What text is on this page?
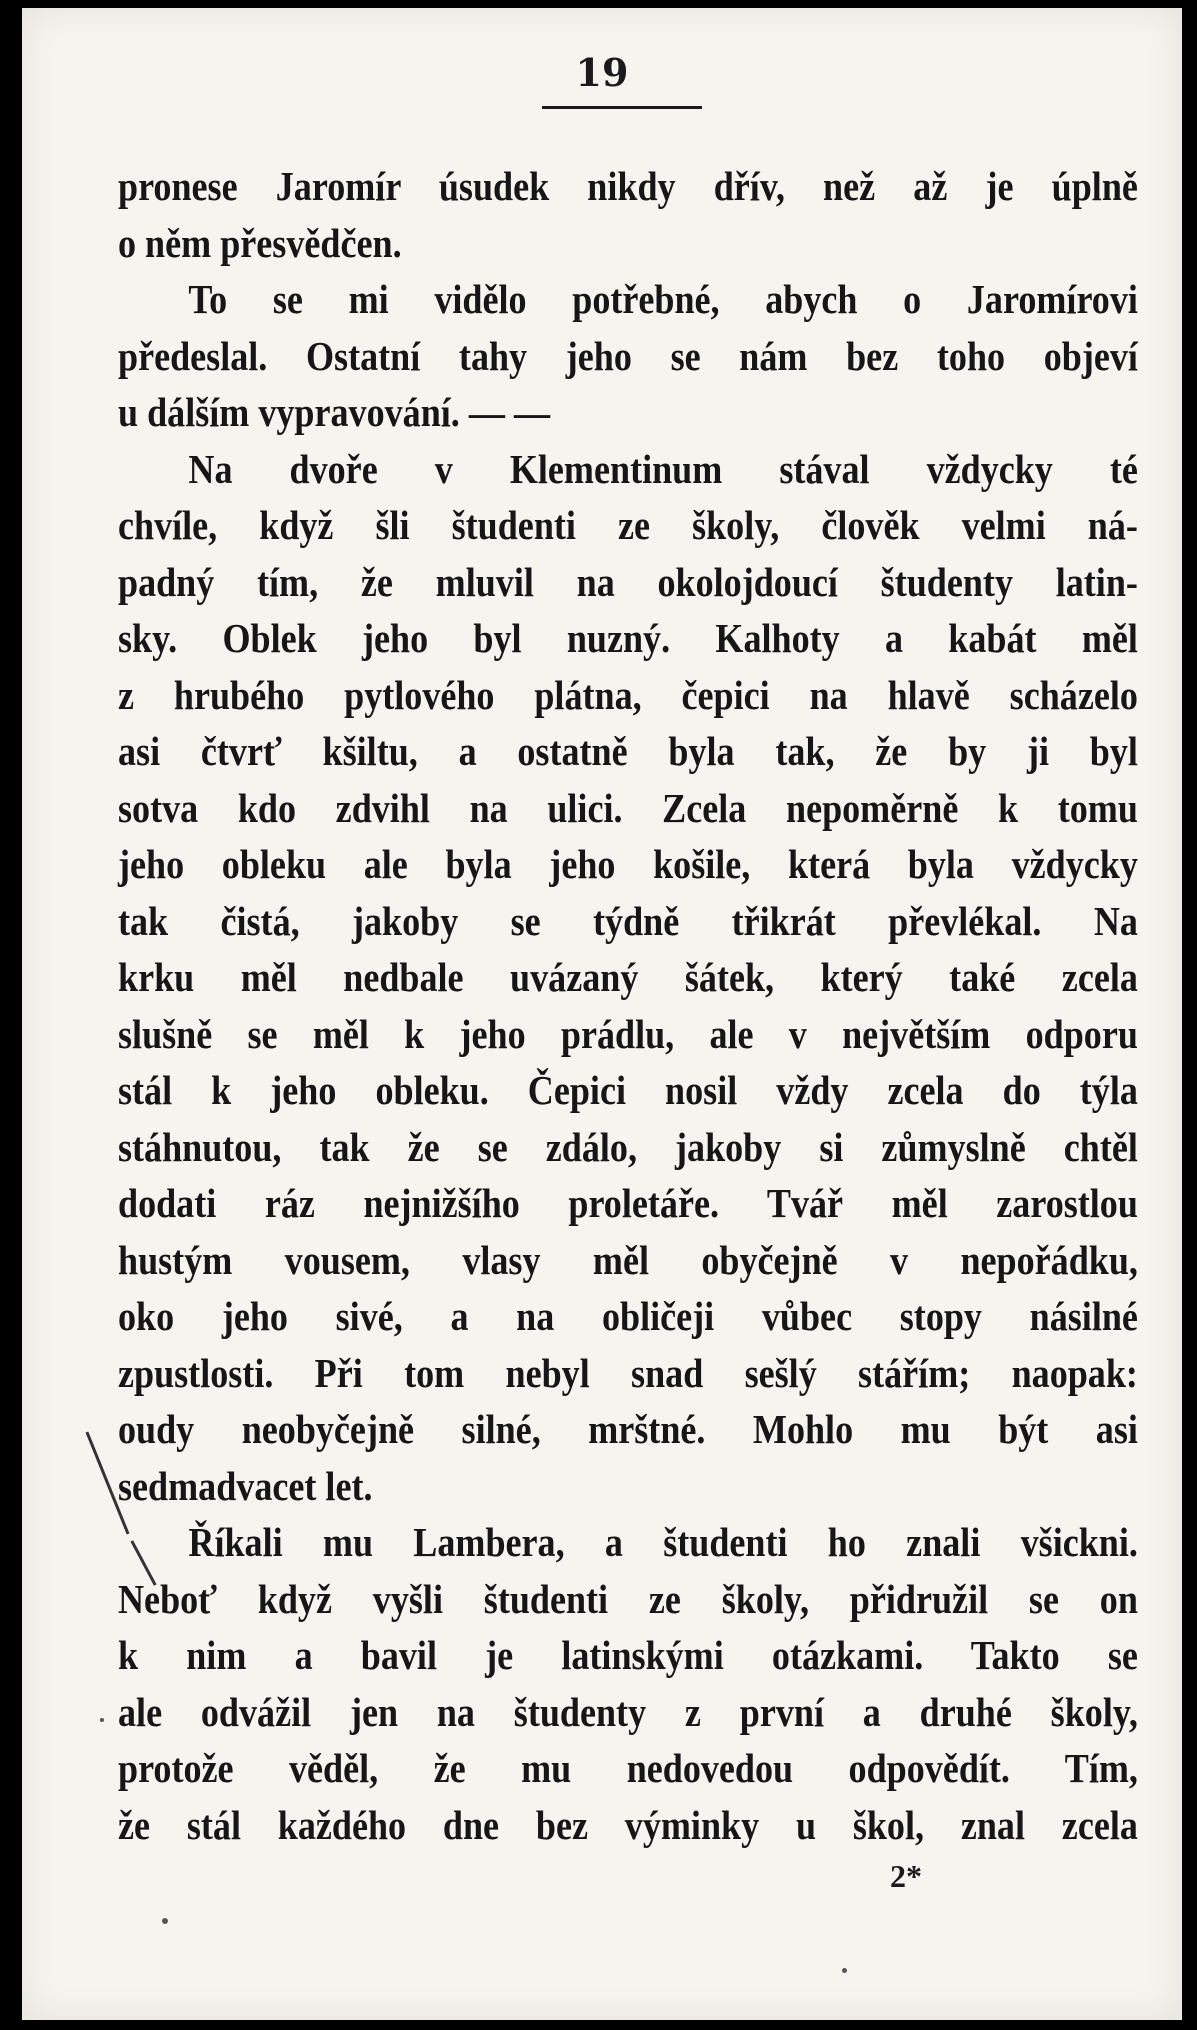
19
pronese Jaromír úsudek nikdy dřív, než až je úplně
o něm přesvědčen.
To se mi vidělo potřebné, abych o Jaromírovi
předeslal. Ostatní tahy jeho se nám bez toho objeví
u dálším vypravování. — —
Na dvoře v Klementinum stával vždycky té
chvíle, když šli študenti ze školy, člověk velmi ná-
padný tím, že mluvil na okolojdoucí študenty latin-
sky. Oblek jeho byl nuzný. Kalhoty a kabát měl
z hrubého pytlového plátna, čepici na hlavě scházelo
asi čtvrť kšiltu, a ostatně byla tak, že by ji byl
sotva kdo zdvihl na ulici. Zcela nepoměrně k tomu
jeho obleku ale byla jeho košile, která byla vždycky
tak čistá, jakoby se týdně třikrát převlékal. Na
krku měl nedbale uvázaný šátek, který také zcela
slušně se měl k jeho prádlu, ale v největším odporu
stál k jeho obleku. Čepici nosil vždy zcela do týla
stáhnutou, tak že se zdálo, jakoby si zůmyslně chtěl
dodati ráz nejnižšího proletáře. Tvář měl zarostlou
hustým vousem, vlasy měl obyčejně v nepořádku,
oko jeho sivé, a na obličeji vůbec stopy násilné
zpustlosti. Při tom nebyl snad sešlý stářím; naopak:
oudy neobyčejně silné, mrštné. Mohlo mu být asi
sedmadvacet let.
Říkali mu Lambera, a študenti ho znali všickni.
Neboť když vyšli študenti ze školy, přidružil se on
k nim a bavil je latinskými otázkami. Takto se
ale odvážil jen na študenty z první a druhé školy,
protože věděl, že mu nedovedou odpovědít. Tím,
že stál každého dne bez výminky u škol, znal zcela
2*
